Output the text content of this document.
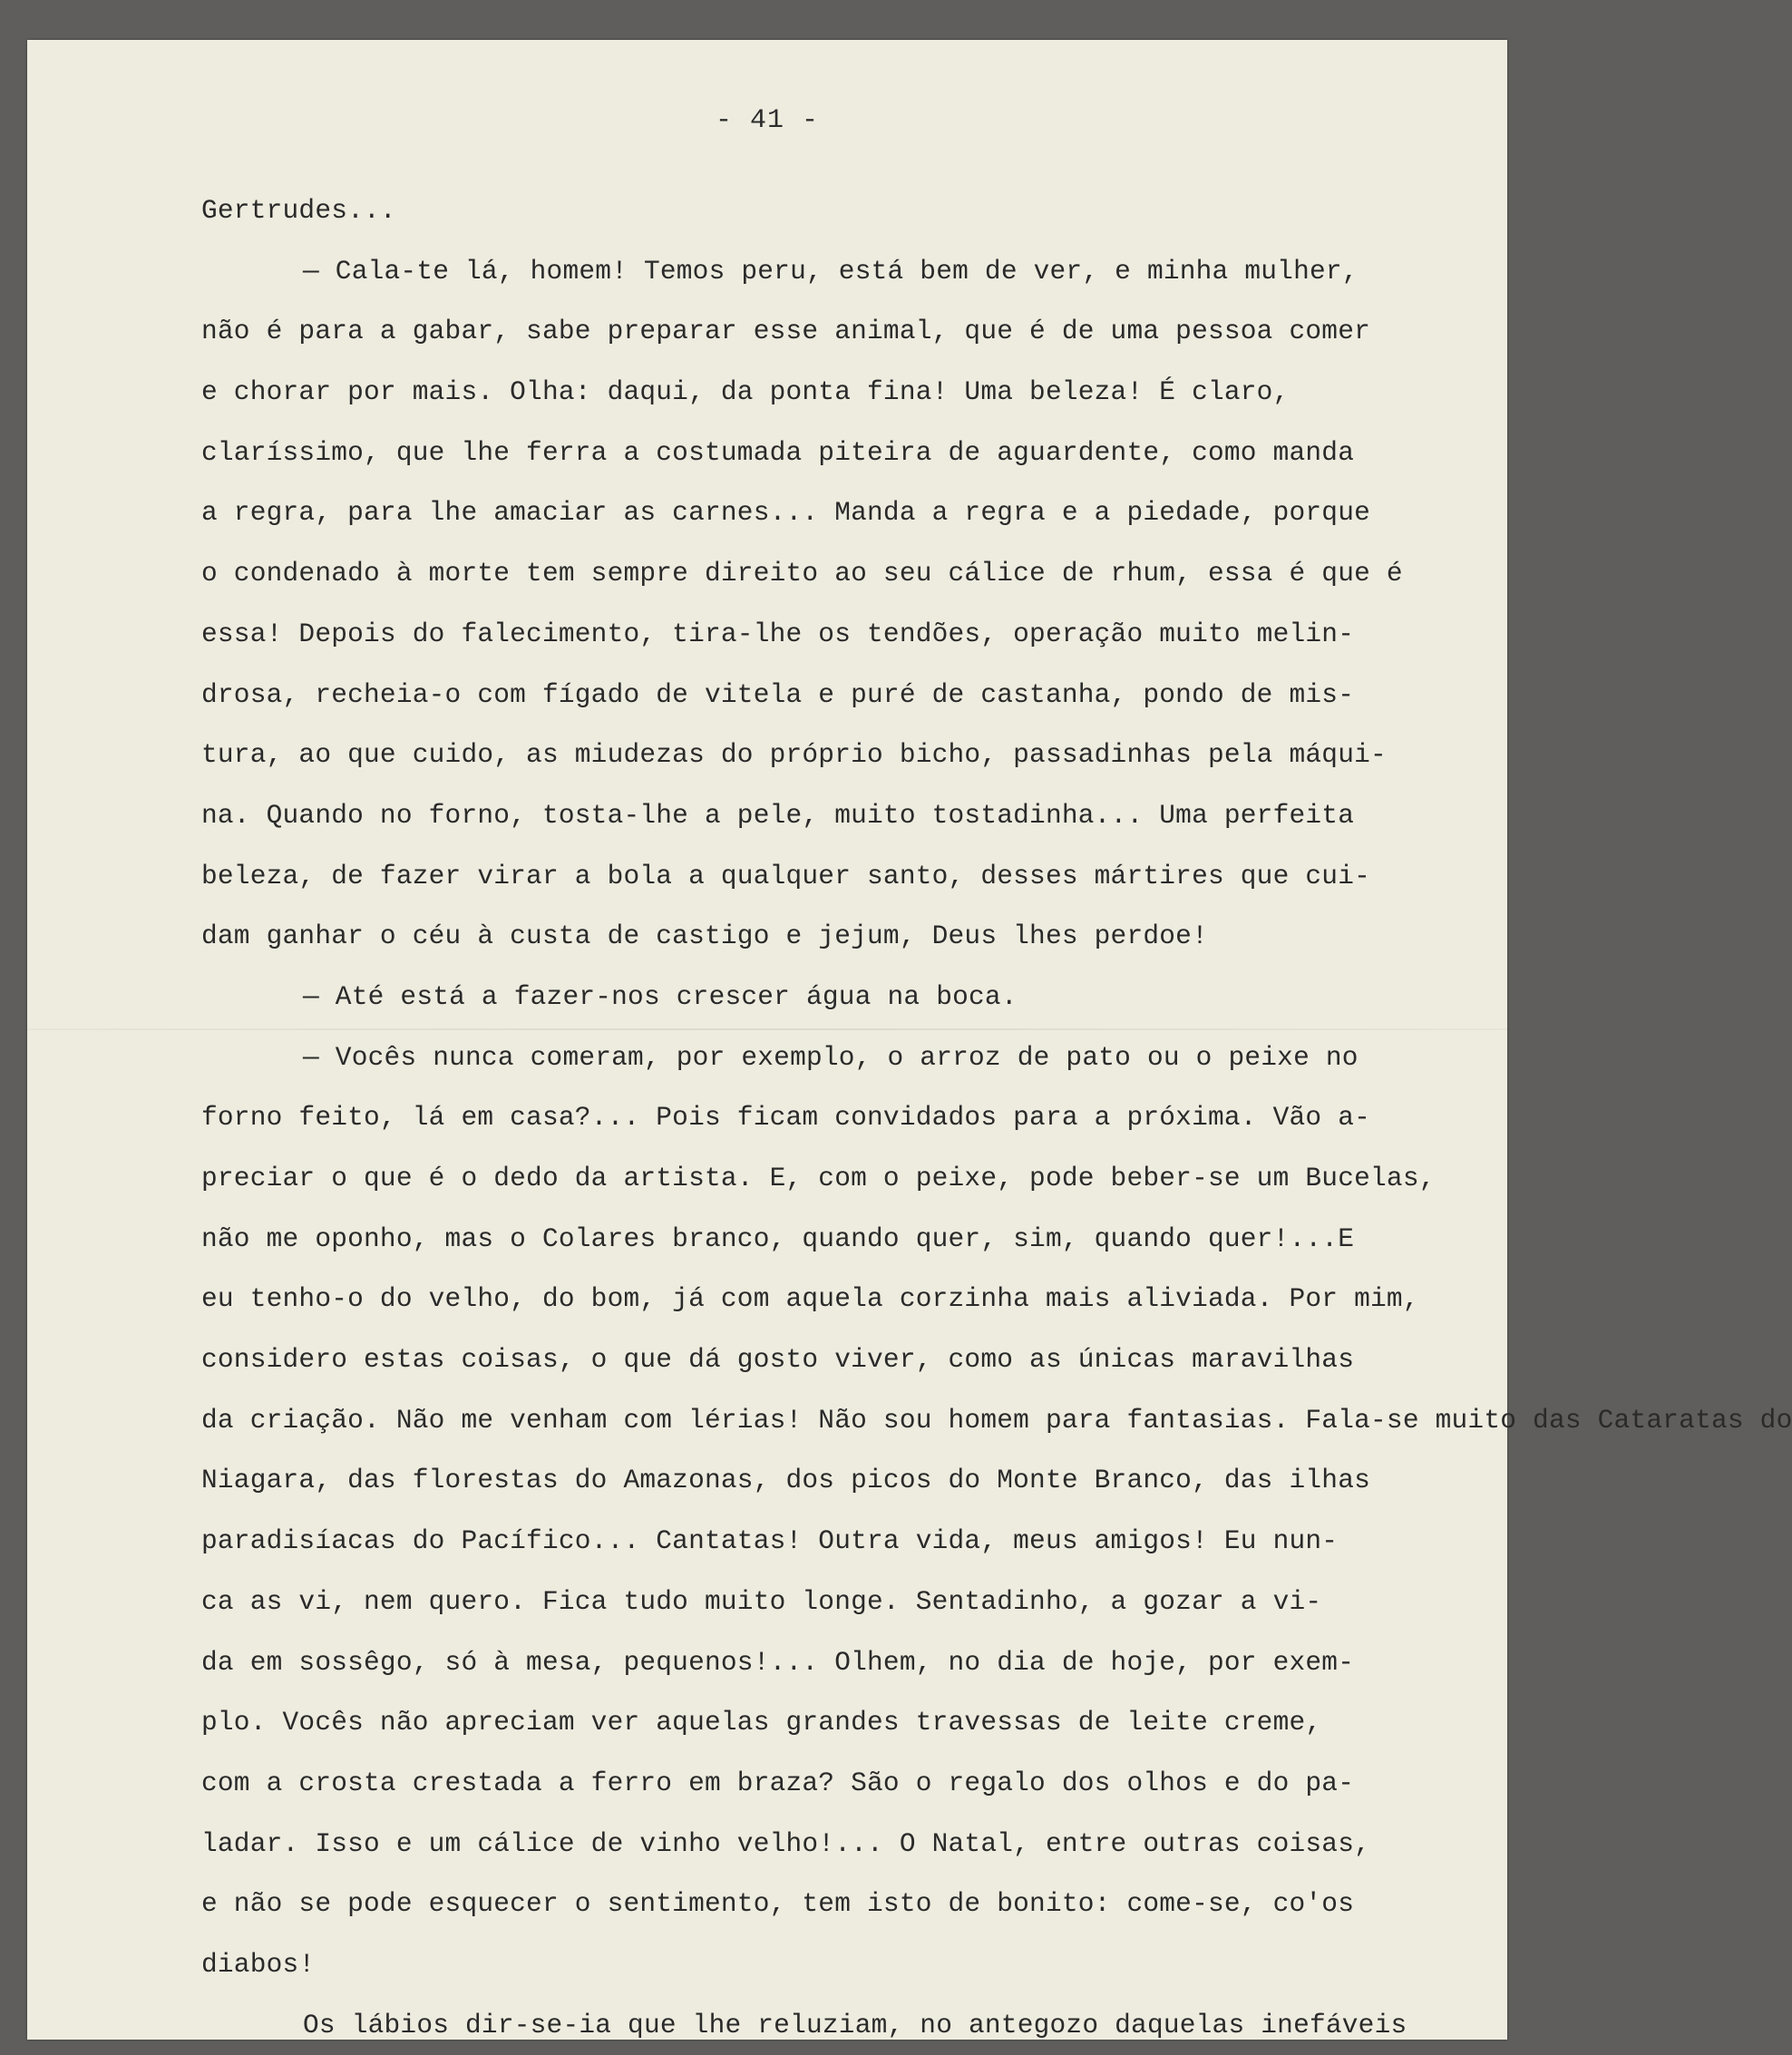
- 41 -
Gertrudes...
— Cala-te lá, homem! Temos peru, está bem de ver, e minha mulher,
não é para a gabar, sabe preparar esse animal, que é de uma pessoa comer
e chorar por mais. Olha: daqui, da ponta fina! Uma beleza! É claro,
claríssimo, que lhe ferra a costumada piteira de aguardente, como manda
a regra, para lhe amaciar as carnes... Manda a regra e a piedade, porque
o condenado à morte tem sempre direito ao seu cálice de rhum, essa é que é
essa! Depois do falecimento, tira-lhe os tendões, operação muito melin-
drosa, recheia-o com fígado de vitela e puré de castanha, pondo de mis-
tura, ao que cuido, as miudezas do próprio bicho, passadinhas pela máqui-
na. Quando no forno, tosta-lhe a pele, muito tostadinha... Uma perfeita
beleza, de fazer virar a bola a qualquer santo, desses mártires que cui-
dam ganhar o céu à custa de castigo e jejum, Deus lhes perdoe!
— Até está a fazer-nos crescer água na boca.
— Vocês nunca comeram, por exemplo, o arroz de pato ou o peixe no
forno feito, lá em casa?... Pois ficam convidados para a próxima. Vão a-
preciar o que é o dedo da artista. E, com o peixe, pode beber-se um Bucelas,
não me oponho, mas o Colares branco, quando quer, sim, quando quer!...E
eu tenho-o do velho, do bom, já com aquela corzinha mais aliviada. Por mim,
considero estas coisas, o que dá gosto viver, como as únicas maravilhas
da criação. Não me venham com lérias! Não sou homem para fantasias. Fala-se muito das Cataratas do
Niagara, das florestas do Amazonas, dos picos do Monte Branco, das ilhas
paradisíacas do Pacífico... Cantatas! Outra vida, meus amigos! Eu nun-
ca as vi, nem quero. Fica tudo muito longe. Sentadinho, a gozar a vi-
da em sossêgo, só à mesa, pequenos!... Olhem, no dia de hoje, por exem-
plo. Vocês não apreciam ver aquelas grandes travessas de leite creme,
com a crosta crestada a ferro em braza? São o regalo dos olhos e do pa-
ladar. Isso e um cálice de vinho velho!... O Natal, entre outras coisas,
e não se pode esquecer o sentimento, tem isto de bonito: come-se, co'os
diabos!
Os lábios dir-se-ia que lhe reluziam, no antegozo daquelas inefáveis
